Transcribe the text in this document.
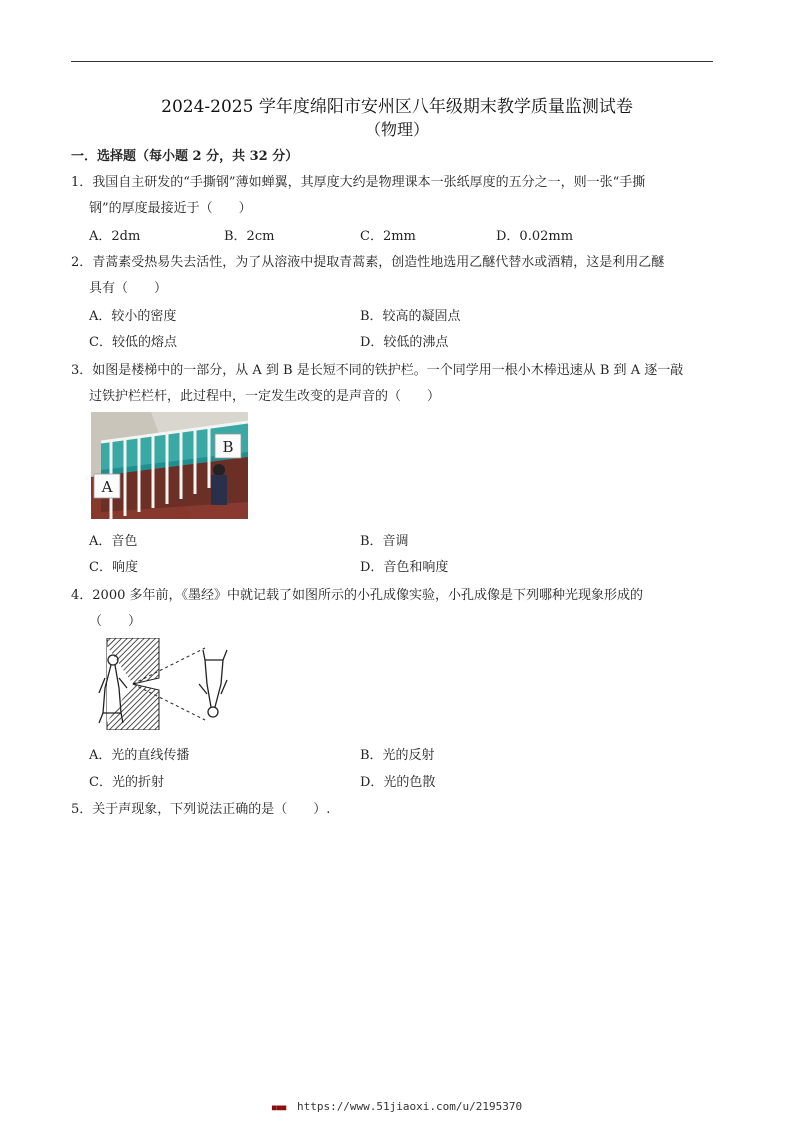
2024-2025 学年度绵阳市安州区八年级期末教学质量监测试卷
（物理）
一．选择题（每小题 2 分，共 32 分）
1．我国自主研发的“手撕钢”薄如蝉翼，其厚度大约是物理课本一张纸厚度的五分之一，则一张“手撕
钢”的厚度最接近于（　　）
A．2dm	B．2cm	C．2mm	D．0.02mm
2．青蒿素受热易失去活性，为了从溶液中提取青蒿素，创造性地选用乙醚代替水或酒精，这是利用乙醚
具有（　　）
A．较小的密度	B．较高的凝固点
C．较低的熔点	D．较低的沸点
3．如图是楼梯中的一部分，从 A 到 B 是长短不同的铁护栏。一个同学用一根小木棒迅速从 B 到 A 逐一敲
过铁护栏栏杆，此过程中，一定发生改变的是声音的（　　）
B
A
A．音色	B．音调
C．响度	D．音色和响度
4．2000 多年前，《墨经》中就记载了如图所示的小孔成像实验，小孔成像是下列哪种光现象形成的
（　　）
A．光的直线传播	B．光的反射
C．光的折射	D．光的色散
5．关于声现象，下列说法正确的是（　　）.
■■■ https://www.51jiaoxi.com/u/2195370
